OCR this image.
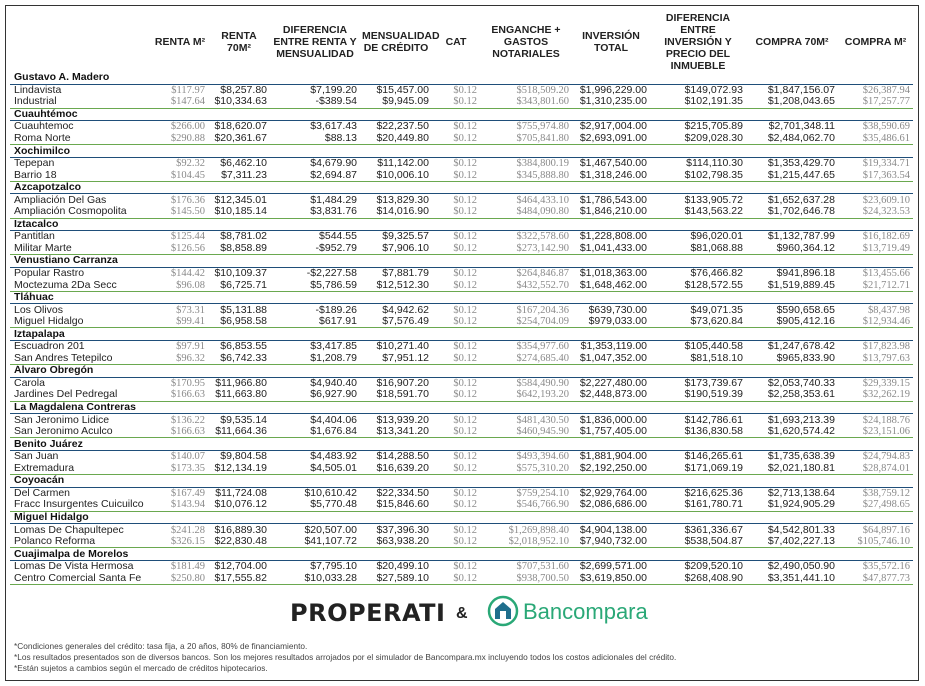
	RENTA M²	RENTA 70M²	DIFERENCIA ENTRE RENTA Y MENSUALIDAD	MENSUALIDAD DE CRÉDITO	CAT	ENGANCHE + GASTOS NOTARIALES	INVERSIÓN TOTAL	DIFERENCIA ENTRE INVERSIÓN Y PRECIO DEL INMUEBLE	COMPRA 70M²	COMPRA M²
Gustavo A. Madero										
Lindavista	$117.97	$8,257.80	$7,199.20	$15,457.00	$0.12	$518,509.20	$1,996,229.00	$149,072.93	$1,847,156.07	$26,387.94
Industrial	$147.64	$10,334.63	-$389.54	$9,945.09	$0.12	$343,801.60	$1,310,235.00	$102,191.35	$1,208,043.65	$17,257.77
Cuauhtémoc										
Cuauhtemoc	$266.00	$18,620.07	$3,617.43	$22,237.50	$0.12	$755,974.80	$2,917,004.00	$215,705.89	$2,701,348.11	$38,590.69
Roma Norte	$290.88	$20,361.67	$88.13	$20,449.80	$0.12	$705,841.80	$2,693,091.00	$209,028.30	$2,484,062.70	$35,486.61
Xochimilco										
Tepepan	$92.32	$6,462.10	$4,679.90	$11,142.00	$0.12	$384,800.19	$1,467,540.00	$114,110.30	$1,353,429.70	$19,334.71
Barrio 18	$104.45	$7,311.23	$2,694.87	$10,006.10	$0.12	$345,888.80	$1,318,246.00	$102,798.35	$1,215,447.65	$17,363.54
Azcapotzalco										
Ampliación Del Gas	$176.36	$12,345.01	$1,484.29	$13,829.30	$0.12	$464,433.10	$1,786,543.00	$133,905.72	$1,652,637.28	$23,609.10
Ampliación Cosmopolita	$145.50	$10,185.14	$3,831.76	$14,016.90	$0.12	$484,090.80	$1,846,210.00	$143,563.22	$1,702,646.78	$24,323.53
Iztacalco										
Pantitlan	$125.44	$8,781.02	$544.55	$9,325.57	$0.12	$322,578.60	$1,228,808.00	$96,020.01	$1,132,787.99	$16,182.69
Militar Marte	$126.56	$8,858.89	-$952.79	$7,906.10	$0.12	$273,142.90	$1,041,433.00	$81,068.88	$960,364.12	$13,719.49
Venustiano Carranza										
Popular Rastro	$144.42	$10,109.37	-$2,227.58	$7,881.79	$0.12	$264,846.87	$1,018,363.00	$76,466.82	$941,896.18	$13,455.66
Moctezuma 2Da Secc	$96.08	$6,725.71	$5,786.59	$12,512.30	$0.12	$432,552.70	$1,648,462.00	$128,572.55	$1,519,889.45	$21,712.71
Tláhuac										
Los Olivos	$73.31	$5,131.88	-$189.26	$4,942.62	$0.12	$167,204.36	$639,730.00	$49,071.35	$590,658.65	$8,437.98
Miguel Hidalgo	$99.41	$6,958.58	$617.91	$7,576.49	$0.12	$254,704.09	$979,033.00	$73,620.84	$905,412.16	$12,934.46
Iztapalapa										
Escuadron 201	$97.91	$6,853.55	$3,417.85	$10,271.40	$0.12	$354,977.60	$1,353,119.00	$105,440.58	$1,247,678.42	$17,823.98
San Andres Tetepilco	$96.32	$6,742.33	$1,208.79	$7,951.12	$0.12	$274,685.40	$1,047,352.00	$81,518.10	$965,833.90	$13,797.63
Álvaro Obregón										
Carola	$170.95	$11,966.80	$4,940.40	$16,907.20	$0.12	$584,490.90	$2,227,480.00	$173,739.67	$2,053,740.33	$29,339.15
Jardines Del Pedregal	$166.63	$11,663.80	$6,927.90	$18,591.70	$0.12	$642,193.20	$2,448,873.00	$190,519.39	$2,258,353.61	$32,262.19
La Magdalena Contreras										
San Jeronimo Lidice	$136.22	$9,535.14	$4,404.06	$13,939.20	$0.12	$481,430.50	$1,836,000.00	$142,786.61	$1,693,213.39	$24,188.76
San Jeronimo Aculco	$166.63	$11,664.36	$1,676.84	$13,341.20	$0.12	$460,945.90	$1,757,405.00	$136,830.58	$1,620,574.42	$23,151.06
Benito Juárez										
San Juan	$140.07	$9,804.58	$4,483.92	$14,288.50	$0.12	$493,394.60	$1,881,904.00	$146,265.61	$1,735,638.39	$24,794.83
Extremadura	$173.35	$12,134.19	$4,505.01	$16,639.20	$0.12	$575,310.20	$2,192,250.00	$171,069.19	$2,021,180.81	$28,874.01
Coyoacán										
Del Carmen	$167.49	$11,724.08	$10,610.42	$22,334.50	$0.12	$759,254.10	$2,929,764.00	$216,625.36	$2,713,138.64	$38,759.12
Fracc Insurgentes Cuicuilco	$143.94	$10,076.12	$5,770.48	$15,846.60	$0.12	$546,766.90	$2,086,686.00	$161,780.71	$1,924,905.29	$27,498.65
Miguel Hidalgo										
Lomas De Chapultepec	$241.28	$16,889.30	$20,507.00	$37,396.30	$0.12	$1,269,898.40	$4,904,138.00	$361,336.67	$4,542,801.33	$64,897.16
Polanco Reforma	$326.15	$22,830.48	$41,107.72	$63,938.20	$0.12	$2,018,952.10	$7,940,732.00	$538,504.87	$7,402,227.13	$105,746.10
Cuajimalpa de Morelos										
Lomas De Vista Hermosa	$181.49	$12,704.00	$7,795.10	$20,499.10	$0.12	$707,531.60	$2,699,571.00	$209,520.10	$2,490,050.90	$35,572.16
Centro Comercial Santa Fe	$250.80	$17,555.82	$10,033.28	$27,589.10	$0.12	$938,700.50	$3,619,850.00	$268,408.90	$3,351,441.10	$47,877.73
PROPERATI &	Bancompara
*Condiciones generales del crédito: tasa fija, a 20 años, 80% de financiamiento.
*Los resultados presentados son de diversos bancos. Son los mejores resultados arrojados por el simulador de Bancompara.mx incluyendo todos los costos adicionales del crédito.
*Están sujetos a cambios según el mercado de créditos hipotecarios.
